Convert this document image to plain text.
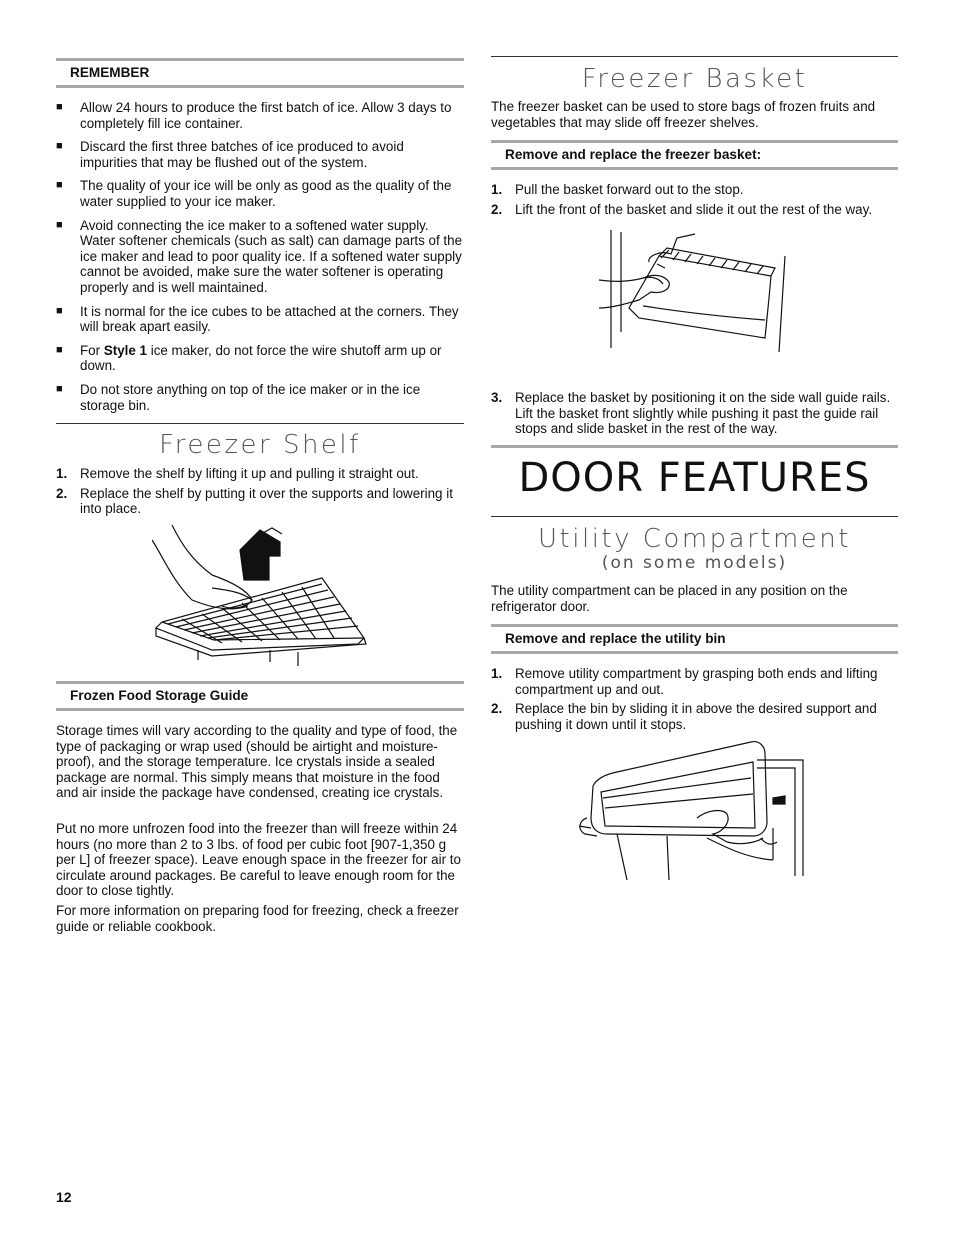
REMEMBER
■ Allow 24 hours to produce the first batch of ice. Allow 3 days to completely fill ice container.
■ Discard the first three batches of ice produced to avoid impurities that may be flushed out of the system.
■ The quality of your ice will be only as good as the quality of the water supplied to your ice maker.
■ Avoid connecting the ice maker to a softened water supply. Water softener chemicals (such as salt) can damage parts of the ice maker and lead to poor quality ice. If a softened water supply cannot be avoided, make sure the water softener is operating properly and is well maintained.
■ It is normal for the ice cubes to be attached at the corners. They will break apart easily.
■ For Style 1 ice maker, do not force the wire shutoff arm up or down.
■ Do not store anything on top of the ice maker or in the ice storage bin.
Freezer Shelf
1. Remove the shelf by lifting it up and pulling it straight out.
2. Replace the shelf by putting it over the supports and lowering it into place.
Frozen Food Storage Guide

Storage times will vary according to the quality and type of food, the type of packaging or wrap used (should be airtight and moisture-proof), and the storage temperature. Ice crystals inside a sealed package are normal. This simply means that moisture in the food and air inside the package have condensed, creating ice crystals.

Put no more unfrozen food into the freezer than will freeze within 24 hours (no more than 2 to 3 lbs. of food per cubic foot [907-1,350 g per L] of freezer space). Leave enough space in the freezer for air to circulate around packages. Be careful to leave enough room for the door to close tightly.

For more information on preparing food for freezing, check a freezer guide or reliable cookbook.

Freezer Basket

The freezer basket can be used to store bags of frozen fruits and vegetables that may slide off freezer shelves.

Remove and replace the freezer basket:
1. Pull the basket forward out to the stop.
2. Lift the front of the basket and slide it out the rest of the way.
3. Replace the basket by positioning it on the side wall guide rails. Lift the basket front slightly while pushing it past the guide rail stops and slide basket in the rest of the way.
DOOR FEATURES
Utility Compartment
(on some models)

The utility compartment can be placed in any position on the refrigerator door.

Remove and replace the utility bin
1. Remove utility compartment by grasping both ends and lifting compartment up and out.
2. Replace the bin by sliding it in above the desired support and pushing it down until it stops.
12
